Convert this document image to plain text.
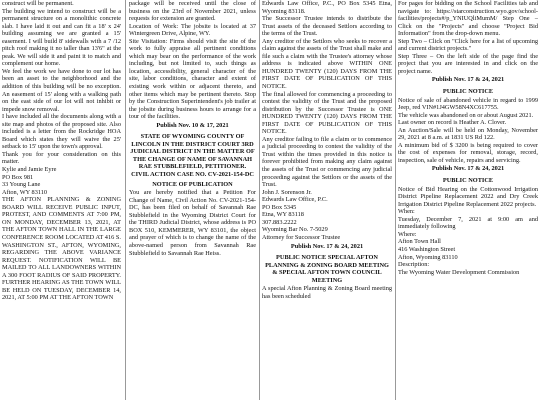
construct will be permanent.

The building we intend to construct will be a permanent structure on a monolithic concrete slab. I have laid it out and can fit a 18' x 24' building assuming we are granted a 15' easement. I will build 8' sidewalls with a 7 /12 pitch roof making it no taller than 13'6" at the peak. We will side it and paint it to match and complement our home.

We feel the work we have done to our lot has been an asset to the neighborhood and the addition of this building will be no exception. An easement of 15' along with a walking path on the east side of our lot will not inhibit or impede snow removal.

I have included all the documents along with a site map and photos of the proposed site. Also included is a letter from the Rockridge HOA Board which states they will waive the 25' setback to 15' upon the town's approval.

Thank you for your consideration on this matter.

Kylie and Jamie Eyre

PO Box 981

33 Young Lane

Afton, WY 83110

THE AFTON PLANNING & ZONING BOARD WILL RECEIVE PUBLIC INPUT, PROTEST, AND COMMENTS AT 7:00 PM, ON MONDAY, DECEMBER 13, 2021, AT THE AFTON TOWN HALL IN THE LARGE CONFERENCE ROOM LOCATED AT 416 S. WASHINGTON ST., AFTON, WYOMING, REGARDING THE ABOVE VARIANCE REQUEST. NOTIFICATION WILL BE MAILED TO ALL LANDOWNERS WITHIN A 300 FOOT RADIUS OF SAID PROPERTY. FURTHER HEARING AS THE TOWN WILL BE HELD ON TUESDAY, DECEMBER 14, 2021, AT 5:00 PM AT THE AFTON TOWN

package will be received until the close of business on the 23rd of November 2021, unless requests for extension are granted.

Location of Work: The jobsite is located at 37 Wintergreen Drive, Alpine, WY.

Site Visitation: Firms should visit the site of the work to fully appraise all pertinent conditions which may bear on the performance of the work including, but not limited to, such things as location, accessibility, general character of the site, labor conditions, character and extent of existing work within or adjacent thereto, and other items which may be pertinent thereto. Stop by the Construction Superintendent's job trailer at the jobsite during business hours to arrange for a tour of the facilities.

Publish Nov. 10 & 17, 2021

STATE OF WYOMING COUNTY OF LINCOLN IN THE DISTRICT COURT 3RD JUDICIAL DISTRICT IN THE MATTER OF THE CHANGE OF NAME OF SAVANNAH RAE STUBBLEFIELD, PETITIONER. CIVIL ACTION CASE NO. CV-2021-154-DC

NOTICE OF PUBLICATION

You are hereby notified that a Petition For Change of Name, Civil Action No. CV-2021-154-DC, has been filed on behalf of Savannah Rae Stubblefield in the Wyoming District Court for the THIRD Judicial District, whose address is PO BOX 510, KEMMERER, WY 83101, the object and prayer of which is to change the name of the above-named person from Savannah Rae Stubblefield to Savannah Rae Heiss.

Edwards Law Office, P.C., PO Box 5345 Etna, Wyoming 83118.

The Successor Trustee intends to distribute the Trust assets of the deceased Settlors according to the terms of the Trust.

Any creditor of the Settlors who seeks to recover a claim against the assets of the Trust shall make and file such a claim with the Trustee's attorney whose address is indicated above WITHIN ONE HUNDRED TWENTY (120) DAYS FROM THE FIRST DATE OF PUBLICATION OF THIS NOTICE.

The final allowed for commencing a proceeding to contest the validity of the Trust and the proposed distribution by the Successor Trustee is ONE HUNDRED TWENTY (120) DAYS FROM THE FIRST DATE OF PUBLICATION OF THIS NOTICE.

Any creditor failing to file a claim or to commence a judicial proceeding to contest the validity of the Trust within the times provided in this notice is forever prohibited from making any claim against the assets of the Trust or commencing any judicial proceeding against the Settlors or the assets of the Trust.

John J. Sorenson Jr.

Edwards Law Office, P.C.

PO Box 5345

Etna, WY 83118

307.883.2222

Wyoming Bar No. 7-5029

Attorney for Successor Trustee

Publish Nov. 17 & 24, 2021

PUBLIC NOTICE SPECIAL AFTON PLANNING & ZONING BOARD MEETING & SPECIAL AFTON TOWN COUNCIL MEETING

A special Afton Planning & Zoning Board meeting has been scheduled

For pages for bidding on the School Facilities tab and navigate to: https://starconstruction.wyo.gov/school-facilities/projects#/p_YNIUQliMumM/ Step One – Click on the "Projects" and choose "Project Bid Information" from the drop-down menu.

Step Two – Click on "Click here for a list of upcoming and current district projects."

Step Three – On the left side of the page find the project that you are interested in and click on the project name.

Publish Nov. 17 & 24, 2021

PUBLIC NOTICE

Notice of sale of abandoned vehicle in regard to 1999 Jeep, red VIN#1J4GW58N4XC617755.

The vehicle was abandoned on or about August 2021.

Last owner on record is Heather A. Clover.

An Auction/Sale will be held on Monday, November 29, 2021 at 8 a.m. at 1831 US Rd 122.

A minimum bid of $ 3200 is being required to cover the cost of expenses for removal, storage, record, inspection, sale of vehicle, repairs and servicing.

Publish Nov. 17 & 24, 2021

PUBLIC NOTICE

Notice of Bid Hearing on the Cottonwood Irrigation District Pipeline Replacement 2022 and Dry Creek Irrigation District Pipeline Replacement 2022 projects.

When:

Tuesday, December 7, 2021 at 9:00 am and immediately following

Where:

Afton Town Hall

416 Washington Street

Afton, Wyoming 83110

Description:

The Wyoming Water Development Commission
